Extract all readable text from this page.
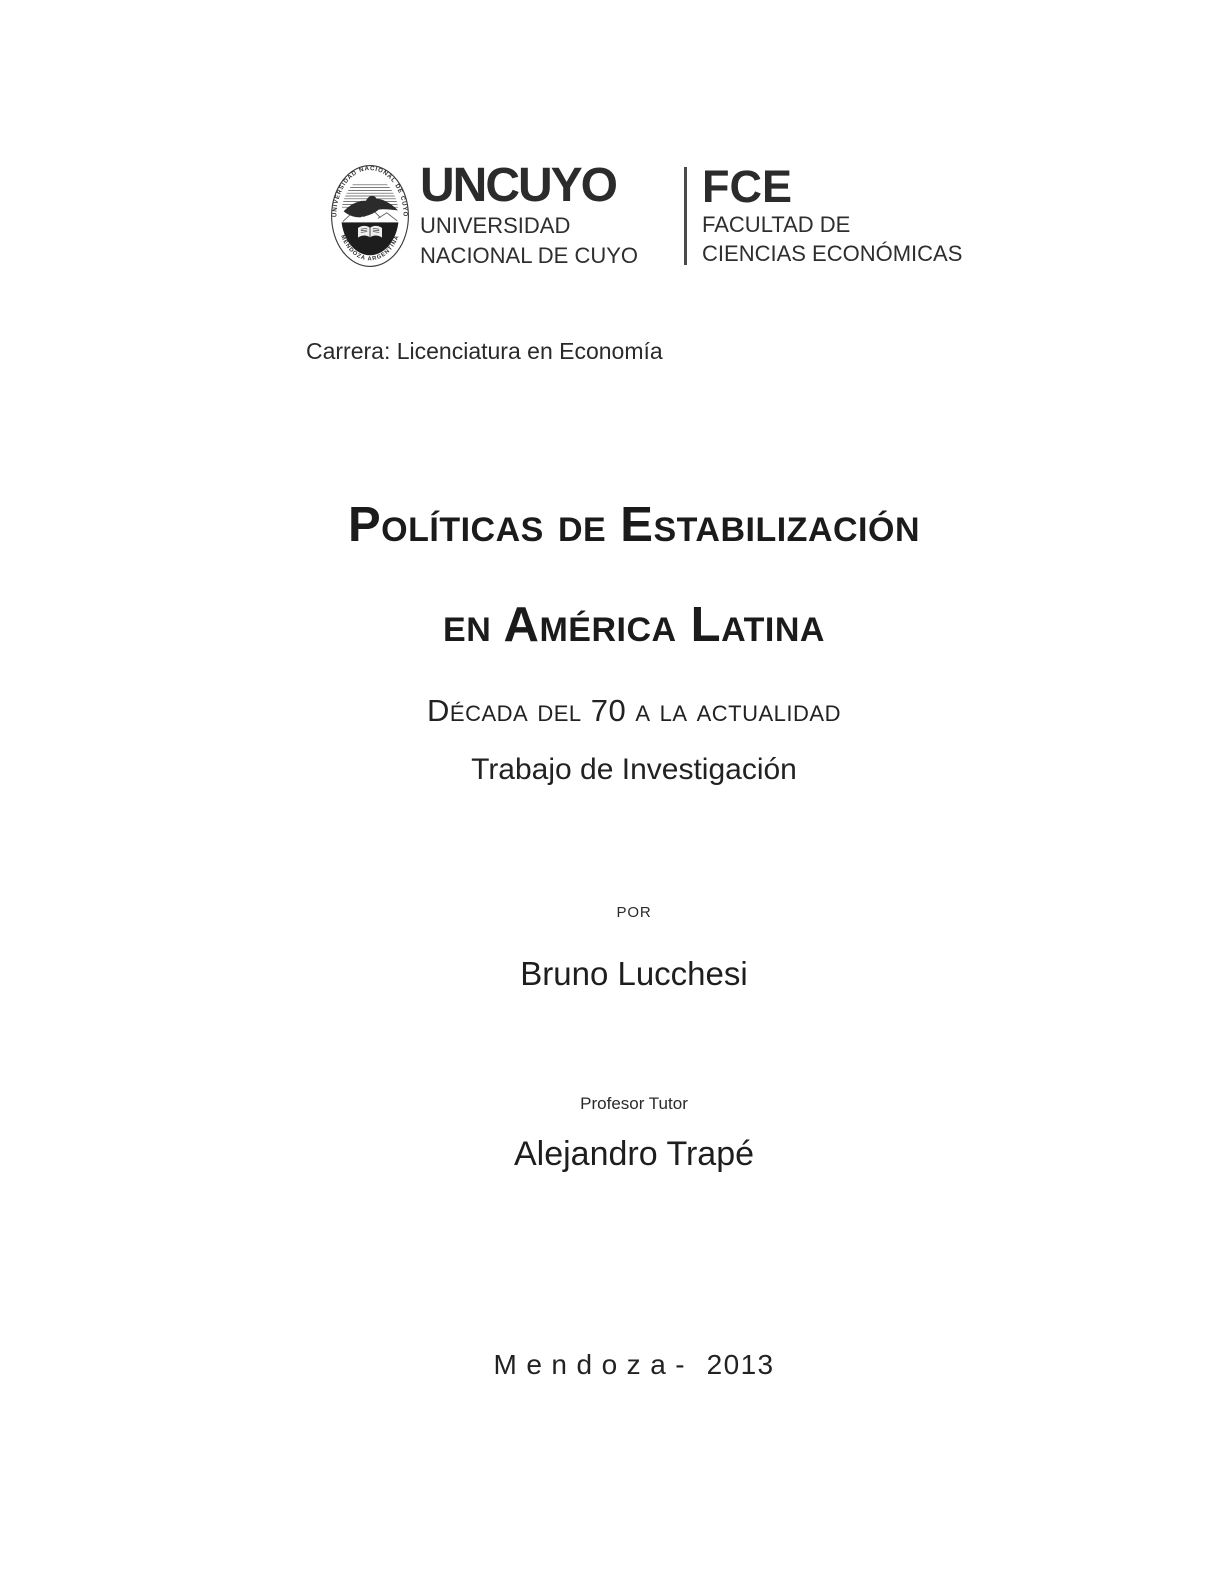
UNIVERSIDAD NACIONAL DE CUYO
MENDOZA ARGENTINA
UNCUYO
UNIVERSIDAD
NACIONAL DE CUYO
FCE
FACULTAD DE
CIENCIAS ECONÓMICAS
Carrera: Licenciatura en Economía
Políticas de Estabilización
en América Latina
Década del 70 a la actualidad
Trabajo de Investigación
POR
Bruno Lucchesi
Profesor Tutor
Alejandro Trapé
Mendoza- 2013
